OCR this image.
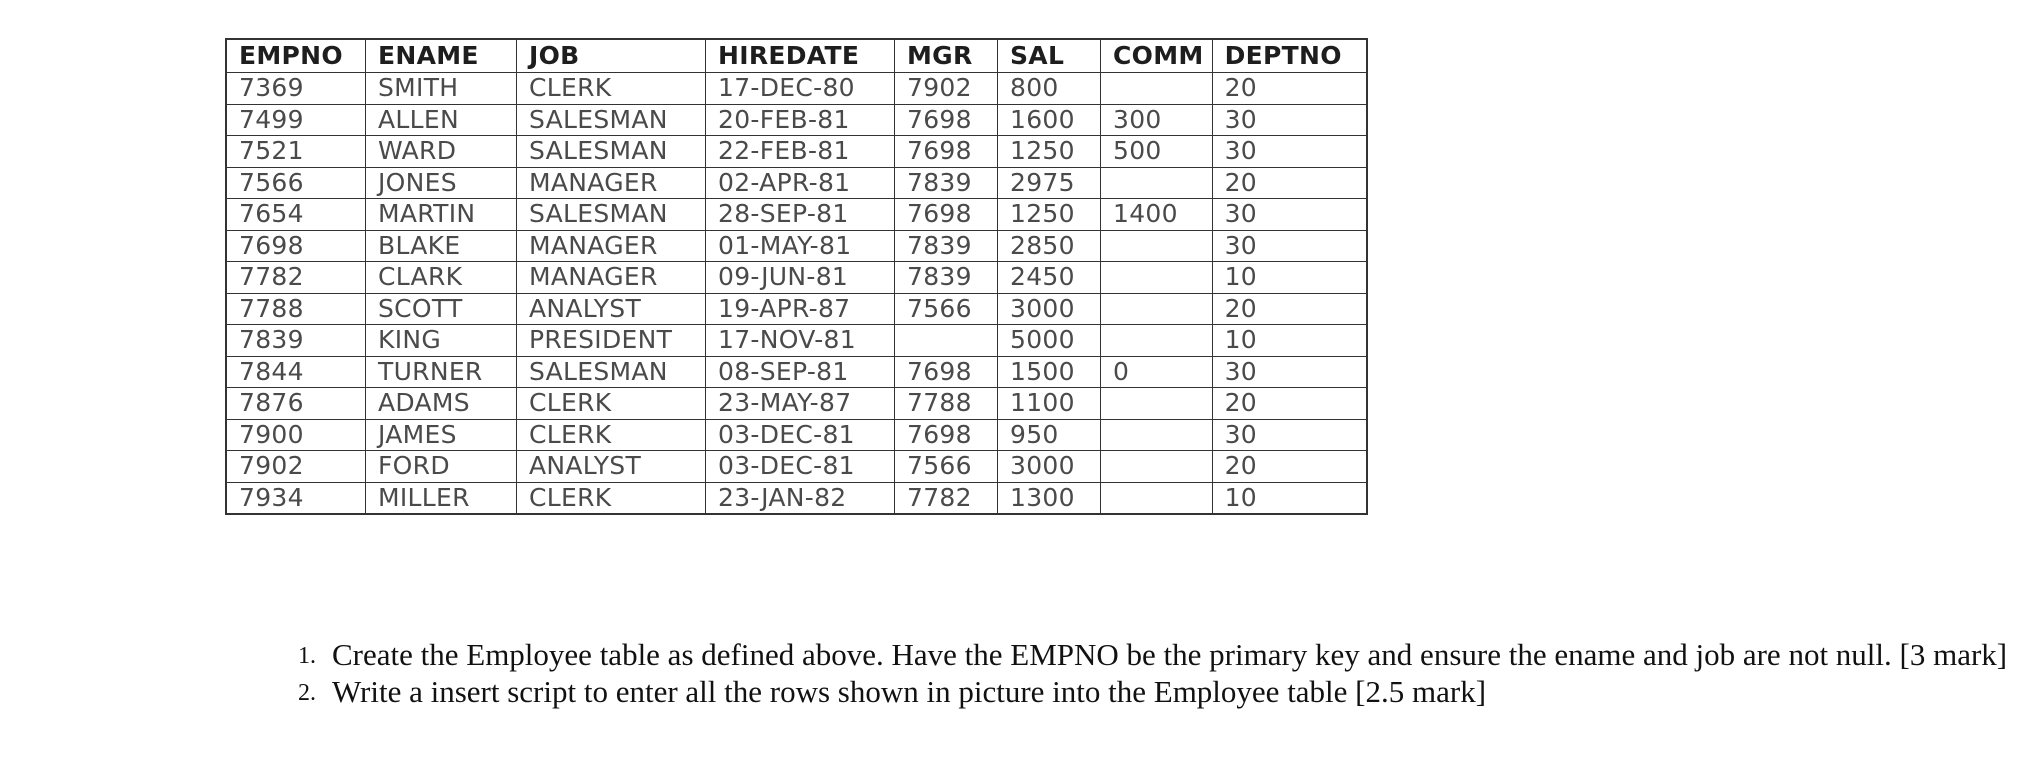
EMPNO	ENAME	JOB	HIREDATE	MGR	SAL	COMM	DEPTNO
7369	SMITH	CLERK	17-DEC-80	7902	800		20
7499	ALLEN	SALESMAN	20-FEB-81	7698	1600	300	30
7521	WARD	SALESMAN	22-FEB-81	7698	1250	500	30
7566	JONES	MANAGER	02-APR-81	7839	2975		20
7654	MARTIN	SALESMAN	28-SEP-81	7698	1250	1400	30
7698	BLAKE	MANAGER	01-MAY-81	7839	2850		30
7782	CLARK	MANAGER	09-JUN-81	7839	2450		10
7788	SCOTT	ANALYST	19-APR-87	7566	3000		20
7839	KING	PRESIDENT	17-NOV-81		5000		10
7844	TURNER	SALESMAN	08-SEP-81	7698	1500	0	30
7876	ADAMS	CLERK	23-MAY-87	7788	1100		20
7900	JAMES	CLERK	03-DEC-81	7698	950		30
7902	FORD	ANALYST	03-DEC-81	7566	3000		20
7934	MILLER	CLERK	23-JAN-82	7782	1300		10
1. Create the Employee table as defined above. Have the EMPNO be the primary key and ensure the ename and job are not null. [3 mark]
2. Write a insert script to enter all the rows shown in picture into the Employee table [2.5 mark]
